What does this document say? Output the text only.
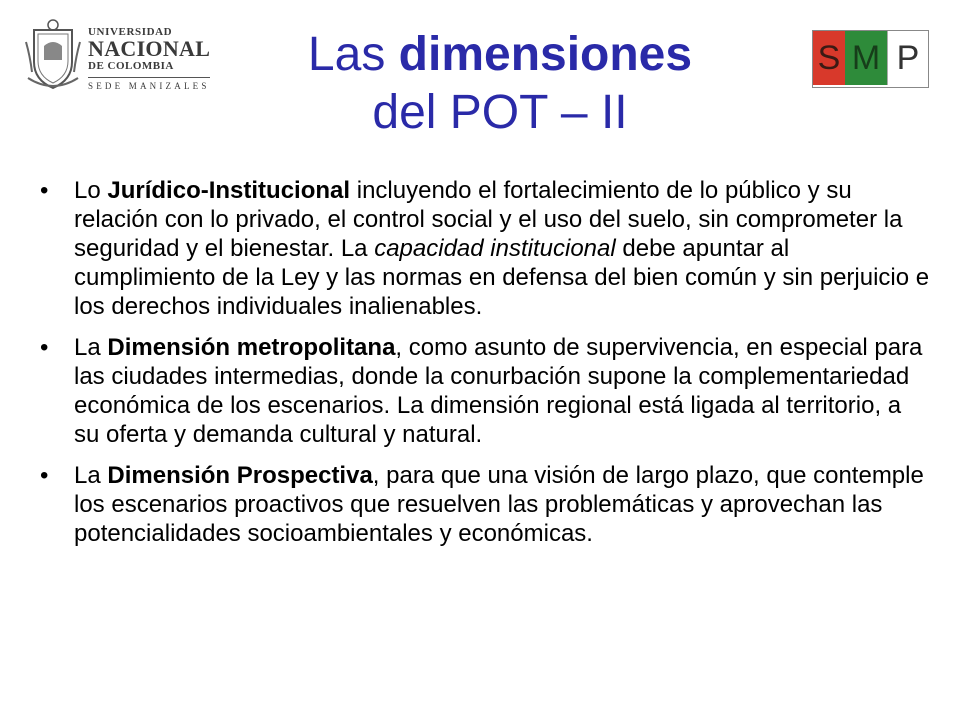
UNIVERSIDAD
NACIONAL
DE COLOMBIA
SEDE MANIZALES
Las dimensiones
del POT – II
S M P
• Lo Jurídico-Institucional incluyendo el fortalecimiento de lo público y su relación con lo privado, el control social y el uso del suelo, sin comprometer la seguridad y el bienestar. La capacidad institucional debe apuntar al cumplimiento de la Ley y las normas en defensa del bien común y sin perjuicio e los derechos individuales inalienables.
• La Dimensión metropolitana, como asunto de supervivencia, en especial para las ciudades intermedias, donde la conurbación supone la complementariedad económica de los escenarios. La dimensión regional está ligada al territorio, a su oferta y demanda cultural y natural.
• La Dimensión Prospectiva, para que una visión de largo plazo, que contemple los escenarios proactivos que resuelven las problemáticas y aprovechan las potencialidades socioambientales y económicas.
